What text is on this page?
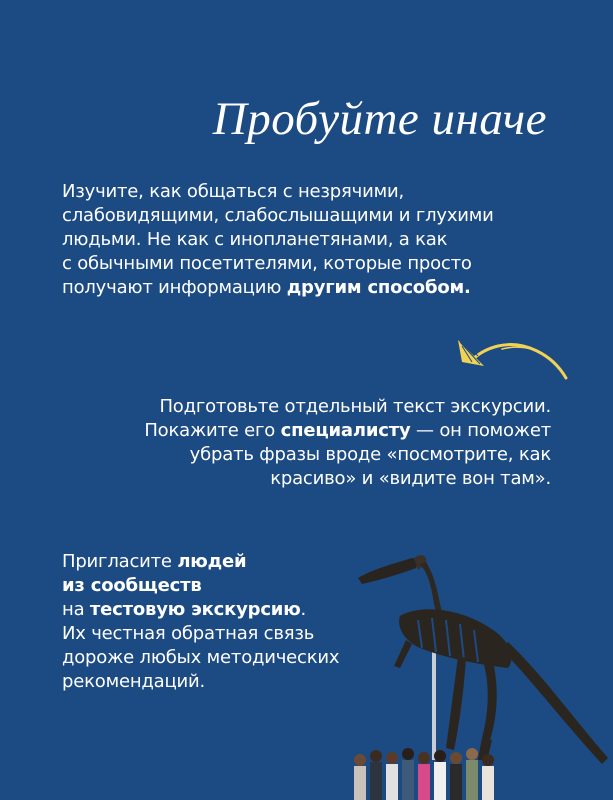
Пробуйте иначе
Изучите, как общаться с незрячими,
слабовидящими, слабослышащими и глухими
людьми. Не как с инопланетянами, а как
с обычными посетителями, которые просто
получают информацию другим способом.
Подготовьте отдельный текст экскурсии.
Покажите его специалисту — он поможет
убрать фразы вроде «посмотрите, как
красиво» и «видите вон там».
Пригласите людей
из сообществ
на тестовую экскурсию.
Их честная обратная связь
дороже любых методических
рекомендаций.
